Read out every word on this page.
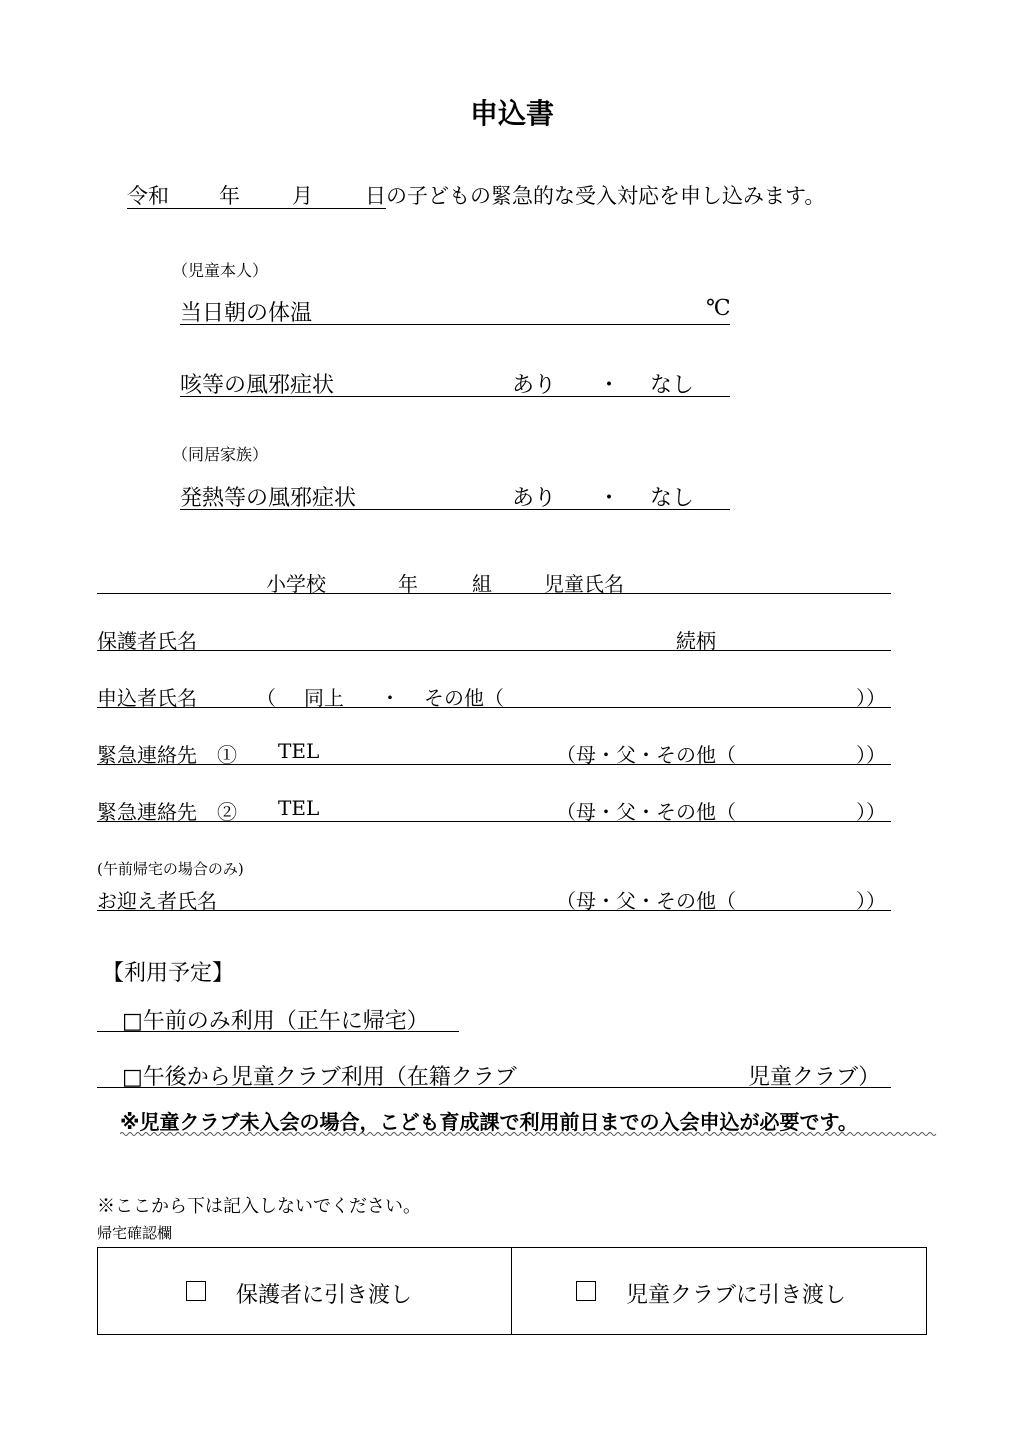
申込書
令和 年 月 日の子どもの緊急的な受入対応を申し込みます。
（児童本人）
当日朝の体温	℃
咳等の風邪症状	あり ・ なし
（同居家族）
発熱等の風邪症状	あり ・ なし
小学校	年	組	児童氏名
保護者氏名	続柄
申込者氏名	（ 同上 ・ その他（	））
緊急連絡先　① TEL	（母・父・その他（	））
緊急連絡先　② TEL	（母・父・その他（	））
(午前帰宅の場合のみ)
お迎え者氏名	（母・父・その他（	））
【利用予定】
□午前のみ利用（正午に帰宅）
□午後から児童クラブ利用（在籍クラブ	児童クラブ）
※児童クラブ未入会の場合，こども育成課で利用前日までの入会申込が必要です。
※ここから下は記入しないでください。
帰宅確認欄
保護者に引き渡し	児童クラブに引き渡し
